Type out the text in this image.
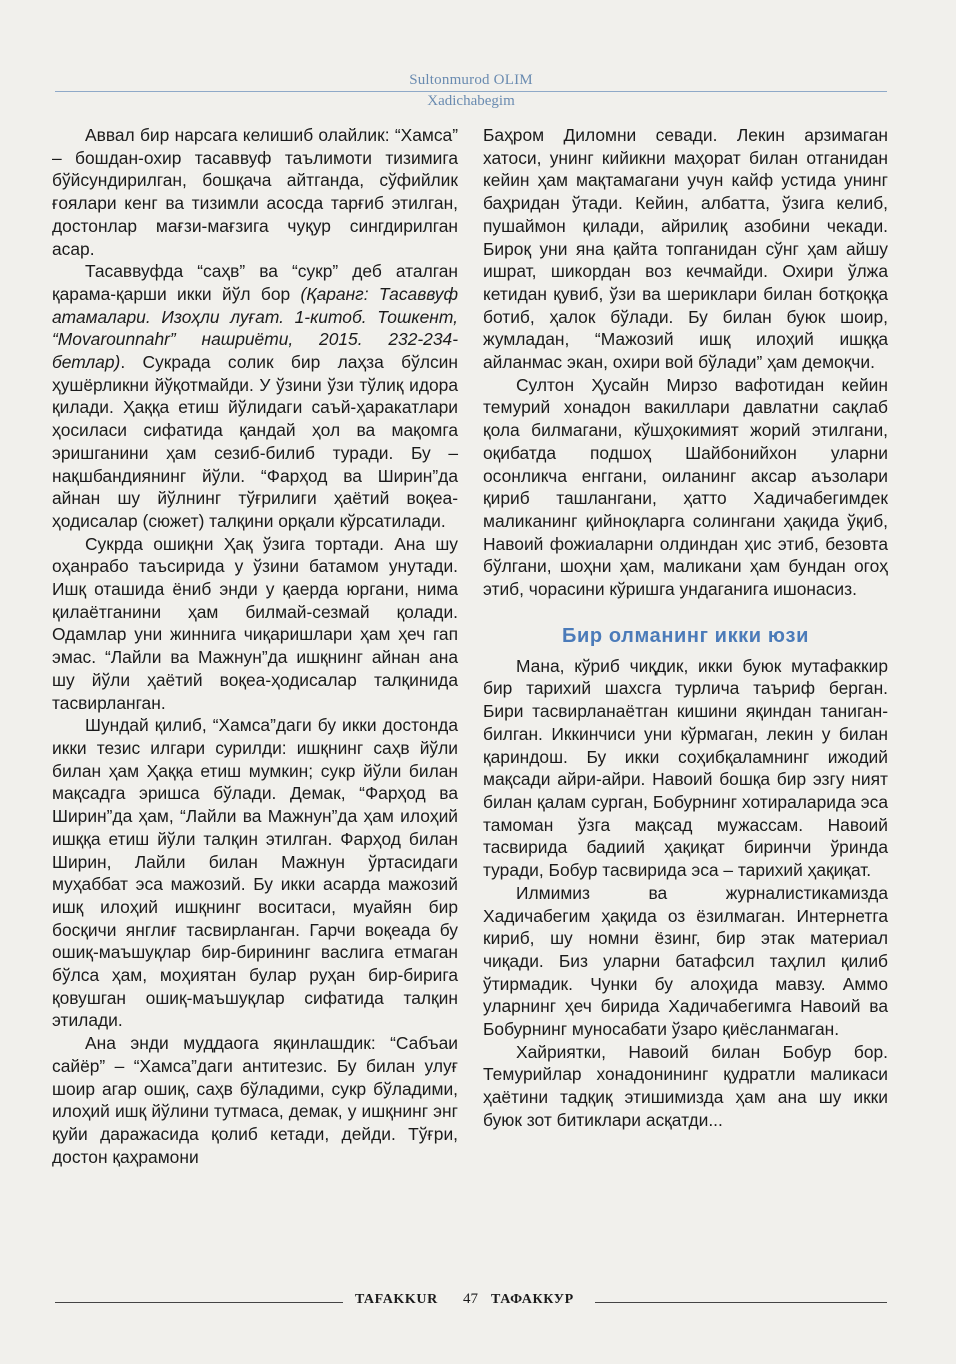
Sultonmurod OLIM
Xadichabegim

Аввал бир нарсага келишиб олайлик: “Хамса” – бошдан-охир тасаввуф таълимоти тизимига бўйсундирилган, бошқача айтганда, сўфийлик ғоялари кенг ва тизимли асосда тарғиб этилган, достонлар мағзи-мағзига чуқур сингдирилган асар.

Тасаввуфда “саҳв” ва “сукр” деб аталган қарама-қарши икки йўл бор (Қаранг: Тасаввуф атамалари. Изоҳли луғат. 1-китоб. Тошкент, “Movarounnahr” нашриёти, 2015. 232-234-бетлар). Сукрада солик бир лаҳза бўлсин ҳушёрликни йўқотмайди. У ўзини ўзи тўлиқ идора қилади. Ҳаққа етиш йўлидаги саъй-ҳаракатлари ҳосиласи сифатида қандай ҳол ва мақомга эришганини ҳам сезиб-билиб туради. Бу – нақшбандиянинг йўли. “Фарҳод ва Ширин”да айнан шу йўлнинг тўғрилиги ҳаётий воқеа-ҳодисалар (сюжет) талқини орқали кўрсатилади.

Сукрда ошиқни Ҳақ ўзига тортади. Ана шу оҳанрабо таъсирида у ўзини батамом унутади. Ишқ оташида ёниб энди у қаерда юргани, нима қилаётганини ҳам билмай-сезмай қолади. Одамлар уни жиннига чиқаришлари ҳам ҳеч гап эмас. “Лайли ва Мажнун”да ишқнинг айнан ана шу йўли ҳаётий воқеа-ҳодисалар талқинида тасвирланган.

Шундай қилиб, “Хамса”даги бу икки достонда икки тезис илгари сурилди: ишқнинг саҳв йўли билан ҳам Ҳаққа етиш мумкин; сукр йўли билан мақсадга эришса бўлади. Демак, “Фарҳод ва Ширин”да ҳам, “Лайли ва Мажнун”да ҳам илоҳий ишққа етиш йўли талқин этилган. Фарҳод билан Ширин, Лайли билан Мажнун ўртасидаги муҳаббат эса мажозий. Бу икки асарда мажозий ишқ илоҳий ишқнинг воситаси, муайян бир босқичи янглиғ тасвирланган. Гарчи воқеада бу ошиқ-маъшуқлар бир-бирининг васлига етмаган бўлса ҳам, моҳиятан булар руҳан бир-бирига қовушган ошиқ-маъшуқлар сифатида талқин этилади.

Ана энди муддаога яқинлашдик: “Сабъаи сайёр” – “Хамса”даги антитезис. Бу билан улуғ шоир агар ошиқ, саҳв бўладими, сукр бўладими, илоҳий ишқ йўлини тутмаса, демак, у ишқнинг энг қуйи даражасида қолиб кетади, дейди. Тўғри, достон қаҳрамони

Баҳром Диломни севади. Лекин арзимаган хатоси, унинг кийикни маҳорат билан отганидан кейин ҳам мақтамагани учун кайф устида унинг баҳридан ўтади. Кейин, албатта, ўзига келиб, пушаймон қилади, айрилиқ азобини чекади. Бироқ уни яна қайта топганидан сўнг ҳам айшу ишрат, шикордан воз кечмайди. Охири ўлжа кетидан қувиб, ўзи ва шериклари билан ботқоққа ботиб, ҳалок бўлади. Бу билан буюк шоир, жумладан, “Мажозий ишқ илоҳий ишққа айланмас экан, охири вой бўлади” ҳам демоқчи.

Султон Ҳусайн Мирзо вафотидан кейин темурий хонадон вакиллари давлатни сақлаб қола билмагани, кўшҳокимият жорий этилгани, оқибатда подшоҳ Шайбонийхон уларни осонликча енггани, оиланинг аксар аъзолари қириб ташлангани, ҳатто Хадичабегимдек маликанинг қийноқларга солингани ҳақида ўқиб, Навоий фожиаларни олдиндан ҳис этиб, безовта бўлгани, шоҳни ҳам, маликани ҳам бундан огоҳ этиб, чорасини кўришга ундаганига ишонасиз.

Бир олманинг икки юзи

Мана, кўриб чиқдик, икки буюк мутафаккир бир тарихий шахсга турлича таъриф берган. Бири тасвирланаётган кишини яқиндан таниган-билган. Иккинчиси уни кўрмаган, лекин у билан қариндош. Бу икки соҳибқаламнинг ижодий мақсади айри-айри. Навоий бошқа бир эзгу ният билан қалам сурган, Бобурнинг хотираларида эса тамоман ўзга мақсад мужассам. Навоий тасвирида бадиий ҳақиқат биринчи ўринда туради, Бобур тасвирида эса – тарихий ҳақиқат.

Илмимиз ва журналистикамизда Хадичабегим ҳақида оз ёзилмаган. Интернетга кириб, шу номни ёзинг, бир этак материал чиқади. Биз уларни батафсил таҳлил қилиб ўтирмадик. Чунки бу алоҳида мавзу. Аммо уларнинг ҳеч бирида Хадичабегимга Навоий ва Бобурнинг муносабати ўзаро қиёсланмаган.

Хайриятки, Навоий билан Бобур бор. Темурийлар хонадонининг қудратли маликаси ҳаётини тадқиқ этишимизда ҳам ана шу икки буюк зот битиклари асқатди...

TAFAKKUR 47 ТАФАККУР
